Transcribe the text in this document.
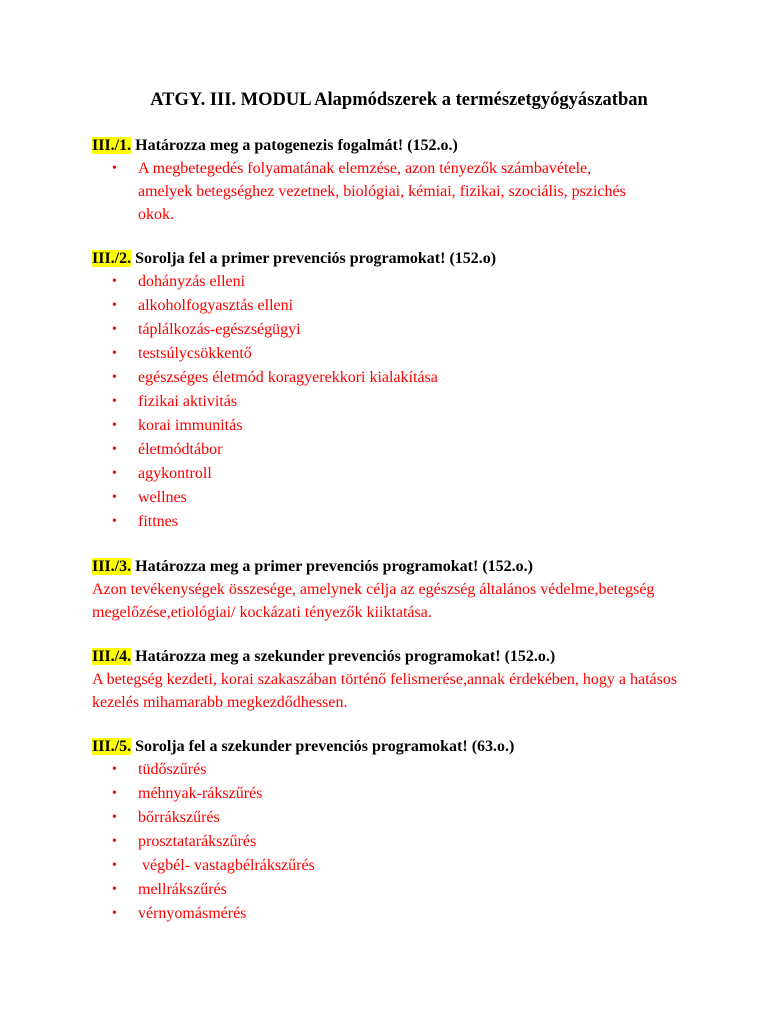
ATGY. III. MODUL Alapmódszerek a természetgyógyászatban

III./1. Határozza meg a patogenezis fogalmát! (152.o.)

• A megbetegedés folyamatának elemzése, azon tényezők számbavétele, amelyek betegséghez vezetnek, biológiai, kémiai, fizikai, szociális, pszichés okok.

III./2. Sorolja fel a primer prevenciós programokat! (152.o)

• dohányzás elleni
• alkoholfogyasztás elleni
• táplálkozás-egészségügyi
• testsúlycsökkentő
• egészséges életmód koragyerekkori kialakítása
• fizikai aktivitás
• korai immunitás
• életmódtábor
• agykontroll
• wellnes
• fittnes

III./3. Határozza meg a primer prevenciós programokat! (152.o.)

Azon tevékenységek összesége, amelynek célja az egészség általános védelme,betegség megelőzése,etiológiai/ kockázati tényezők kiiktatása.

III./4. Határozza meg a szekunder prevenciós programokat! (152.o.)

A betegség kezdeti, korai szakaszában történő felismerése,annak érdekében, hogy a hatásos kezelés mihamarabb megkezdődhessen.

III./5. Sorolja fel a szekunder prevenciós programokat! (63.o.)

• tüdőszűrés
• méhnyak-rákszűrés
• bőrrákszűrés
• prosztatarákszűrés
• végbél- vastagbélrákszűrés
• mellrákszűrés
• vérnyomásmérés
